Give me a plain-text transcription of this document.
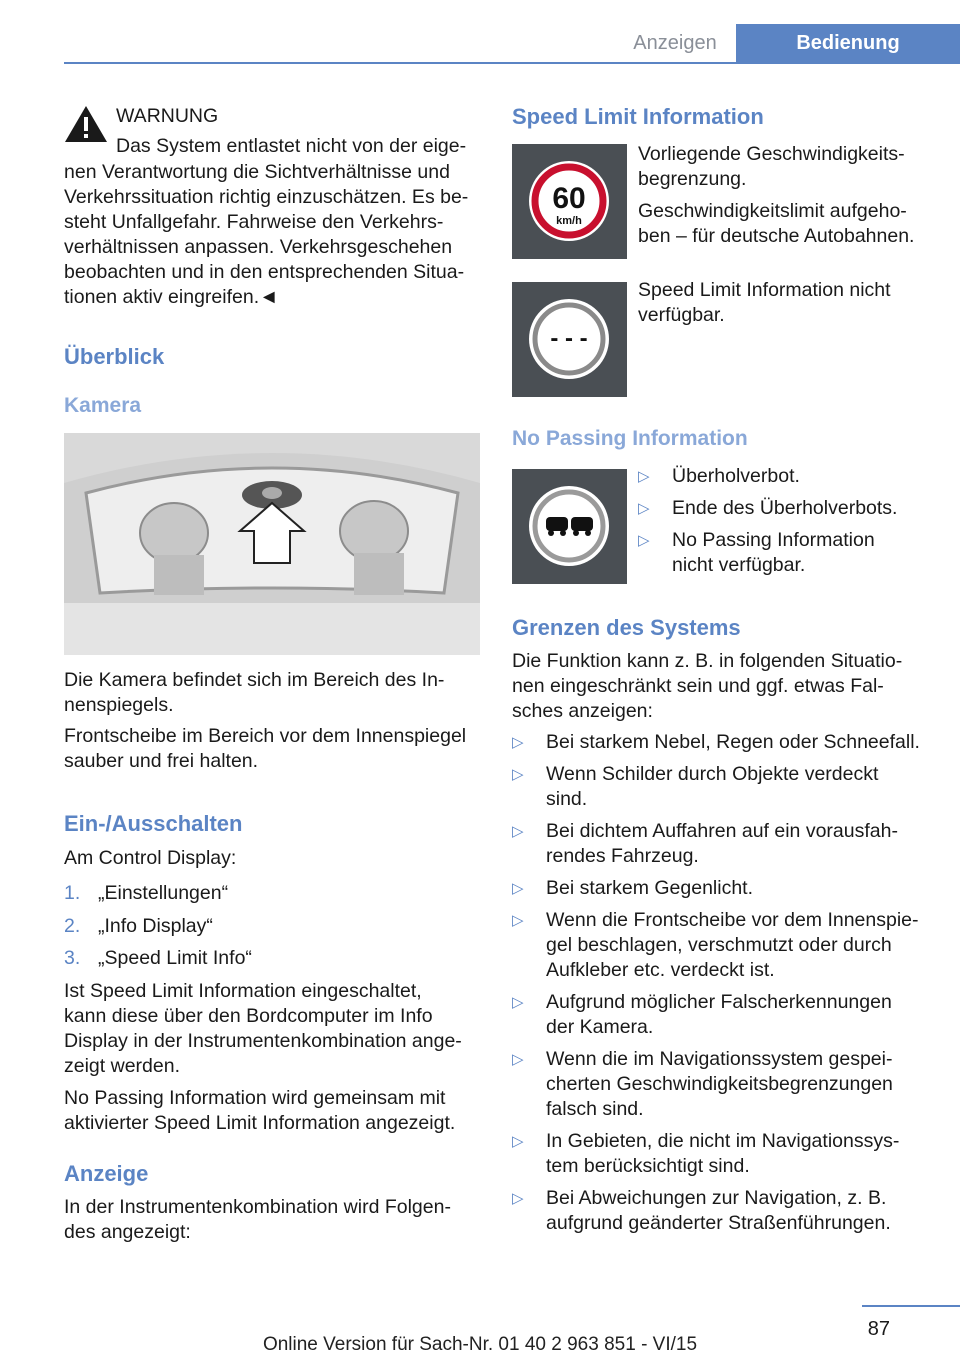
Anzeigen	Bedienung

WARNUNG

Das System entlastet nicht von der eige-

nen Verantwortung die Sichtverhältnisse und
Verkehrssituation richtig einzuschätzen. Es be-
steht Unfallgefahr. Fahrweise den Verkehrs-
verhältnissen anpassen. Verkehrsgeschehen
beobachten und in den entsprechenden Situa-
tionen aktiv eingreifen.◄
Überblick
Kamera

Die Kamera befindet sich im Bereich des In-

nenspiegels.

Frontscheibe im Bereich vor dem Innenspiegel

sauber und frei halten.

Ein-/Ausschalten

Am Control Display:

1. „Einstellungen“
2. „Info Display“
3. „Speed Limit Info“

Ist Speed Limit Information eingeschaltet,

kann diese über den Bordcomputer im Info

Display in der Instrumentenkombination ange-

zeigt werden.

No Passing Information wird gemeinsam mit

aktivierter Speed Limit Information angezeigt.

Anzeige

In der Instrumentenkombination wird Folgen-

des angezeigt:

Speed Limit Information
60
km/h

Vorliegende Geschwindigkeits-

begrenzung.

Geschwindigkeitslimit aufgeho-

ben – für deutsche Autobahnen.

- - -

Speed Limit Information nicht

verfügbar.

No Passing Information
▷ Überholverbot.
▷ Ende des Überholverbots.
▷ No Passing Information
nicht verfügbar.
Grenzen des Systems

Die Funktion kann z. B. in folgenden Situatio-

nen eingeschränkt sein und ggf. etwas Fal-

sches anzeigen:

▷ Bei starkem Nebel, Regen oder Schneefall.
▷ Wenn Schilder durch Objekte verdeckt
sind.
▷ Bei dichtem Auffahren auf ein vorausfah-
rendes Fahrzeug.
▷ Bei starkem Gegenlicht.
▷ Wenn die Frontscheibe vor dem Innenspie-
gel beschlagen, verschmutzt oder durch
Aufkleber etc. verdeckt ist.
▷ Aufgrund möglicher Falscherkennungen
der Kamera.
▷ Wenn die im Navigationssystem gespei-
cherten Geschwindigkeitsbegrenzungen
falsch sind.
▷ In Gebieten, die nicht im Navigationssys-
tem berücksichtigt sind.
▷ Bei Abweichungen zur Navigation, z. B.
aufgrund geänderter Straßenführungen.
87
Online Version für Sach-Nr. 01 40 2 963 851 - VI/15
